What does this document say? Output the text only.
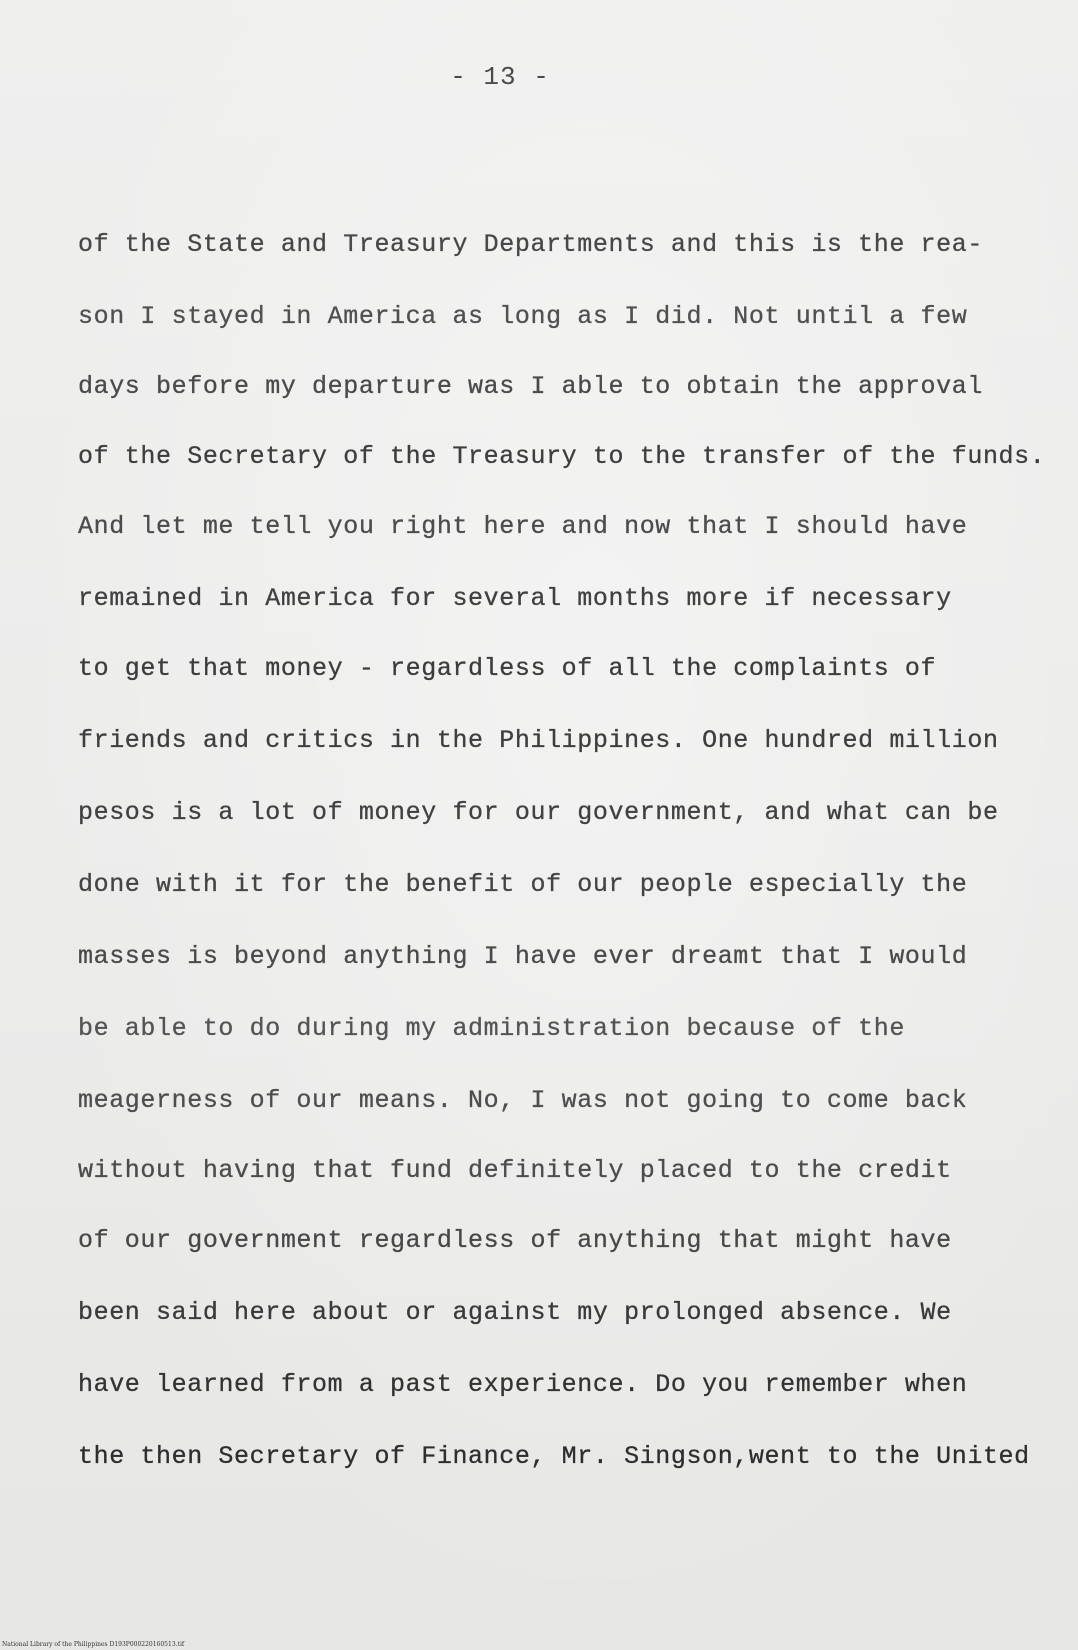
- 13 -
of the State and Treasury Departments and this is the rea-
son I stayed in America as long as I did. Not until a few
days before my departure was I able to obtain the approval
of the Secretary of the Treasury to the transfer of the funds.
And let me tell you right here and now that I should have
remained in America for several months more if necessary
to get that money - regardless of all the complaints of
friends and critics in the Philippines. One hundred million
pesos is a lot of money for our government, and what can be
done with it for the benefit of our people especially the
masses is beyond anything I have ever dreamt that I would
be able to do during my administration because of the
meagerness of our means. No, I was not going to come back
without having that fund definitely placed to the credit
of our government regardless of anything that might have
been said here about or against my prolonged absence. We
have learned from a past experience. Do you remember when
the then Secretary of Finance, Mr. Singson,went to the United
National Library of the Philippines D193P000220160513.tif
